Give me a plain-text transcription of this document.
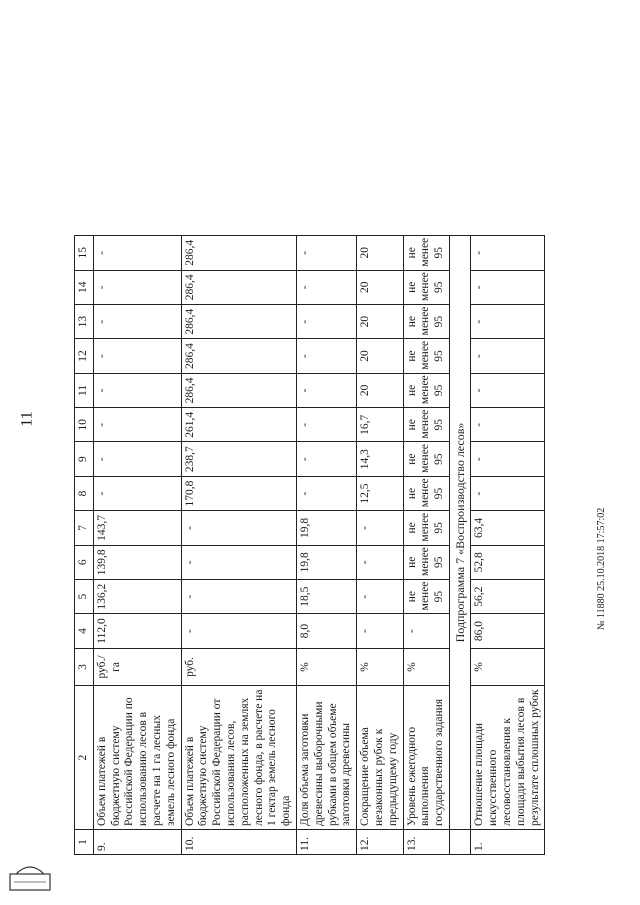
11
1	2	3	4	5	6	7	8	9	10	11	12	13	14	15
9.	Объем платежей в бюджетную систему Российской Федерации по использованию лесов в расчете на 1 га лесных земель лесного фонда	руб./га	112,0	136,2	139,8	143,7	-	-	-	-	-	-	-	-
10.	Объем платежей в бюджетную систему Российской Федерации от использования лесов, расположенных на землях лесного фонда, в расчете на 1 гектар земель лесного фонда	руб.	-	-	-	-	170,8	238,7	261,4	286,4	286,4	286,4	286,4	286,4
11.	Доля объема заготовки древесины выборочными рубками в общем объеме заготовки древесины	%	8,0	18,5	19,8	19,8	-	-	-	-	-	-	-	-
12.	Сокращение объема незаконных рубок к предыдущему году	%	-	-	-	-	12,5	14,3	16,7	20	20	20	20	20
13.	Уровень ежегодного выполнения государственного задания	%	-	не менее 95	не менее 95	не менее 95	не менее 95	не менее 95	не менее 95	не менее 95	не менее 95	не менее 95	не менее 95	не менее 95
	Подпрограмма 7 «Воспроизводство лесов»													
1.	Отношение площади искусственного лесовосстановления к площади выбытия лесов в результате сплошных рубок	%	86,0	56,2	52,8	63,4	-	-	-	-	-	-	-	-
№ 11880 25.10.2018 17:57:02
